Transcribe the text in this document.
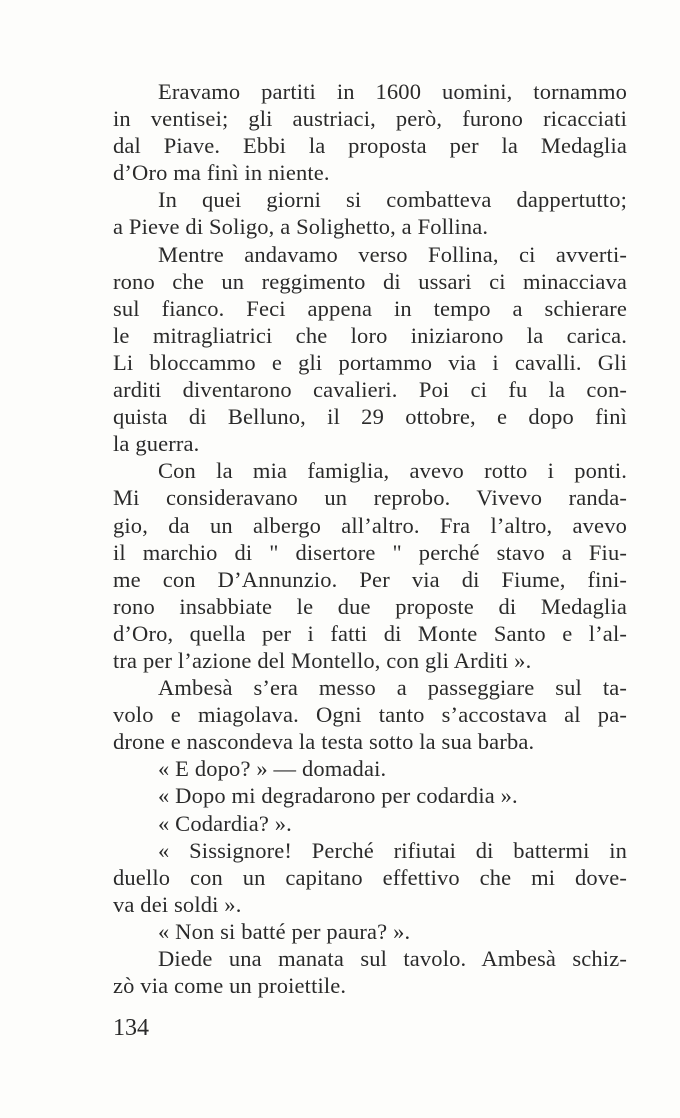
Eravamo partiti in 1600 uomini, tornammo
in ventisei; gli austriaci, però, furono ricacciati
dal Piave. Ebbi la proposta per la Medaglia
d’Oro ma finì in niente.
In quei giorni si combatteva dappertutto;
a Pieve di Soligo, a Solighetto, a Follina.
Mentre andavamo verso Follina, ci avverti-
rono che un reggimento di ussari ci minacciava
sul fianco. Feci appena in tempo a schierare
le mitragliatrici che loro iniziarono la carica.
Li bloccammo e gli portammo via i cavalli. Gli
arditi diventarono cavalieri. Poi ci fu la con-
quista di Belluno, il 29 ottobre, e dopo finì
la guerra.
Con la mia famiglia, avevo rotto i ponti.
Mi consideravano un reprobo. Vivevo randa-
gio, da un albergo all’altro. Fra l’altro, avevo
il marchio di " disertore " perché stavo a Fiu-
me con D’Annunzio. Per via di Fiume, fini-
rono insabbiate le due proposte di Medaglia
d’Oro, quella per i fatti di Monte Santo e l’al-
tra per l’azione del Montello, con gli Arditi ».
Ambesà s’era messo a passeggiare sul ta-
volo e miagolava. Ogni tanto s’accostava al pa-
drone e nascondeva la testa sotto la sua barba.
« E dopo? » — domadai.
« Dopo mi degradarono per codardia ».
« Codardia? ».
« Sissignore! Perché rifiutai di battermi in
duello con un capitano effettivo che mi dove-
va dei soldi ».
« Non si batté per paura? ».
Diede una manata sul tavolo. Ambesà schiz-
zò via come un proiettile.
134
